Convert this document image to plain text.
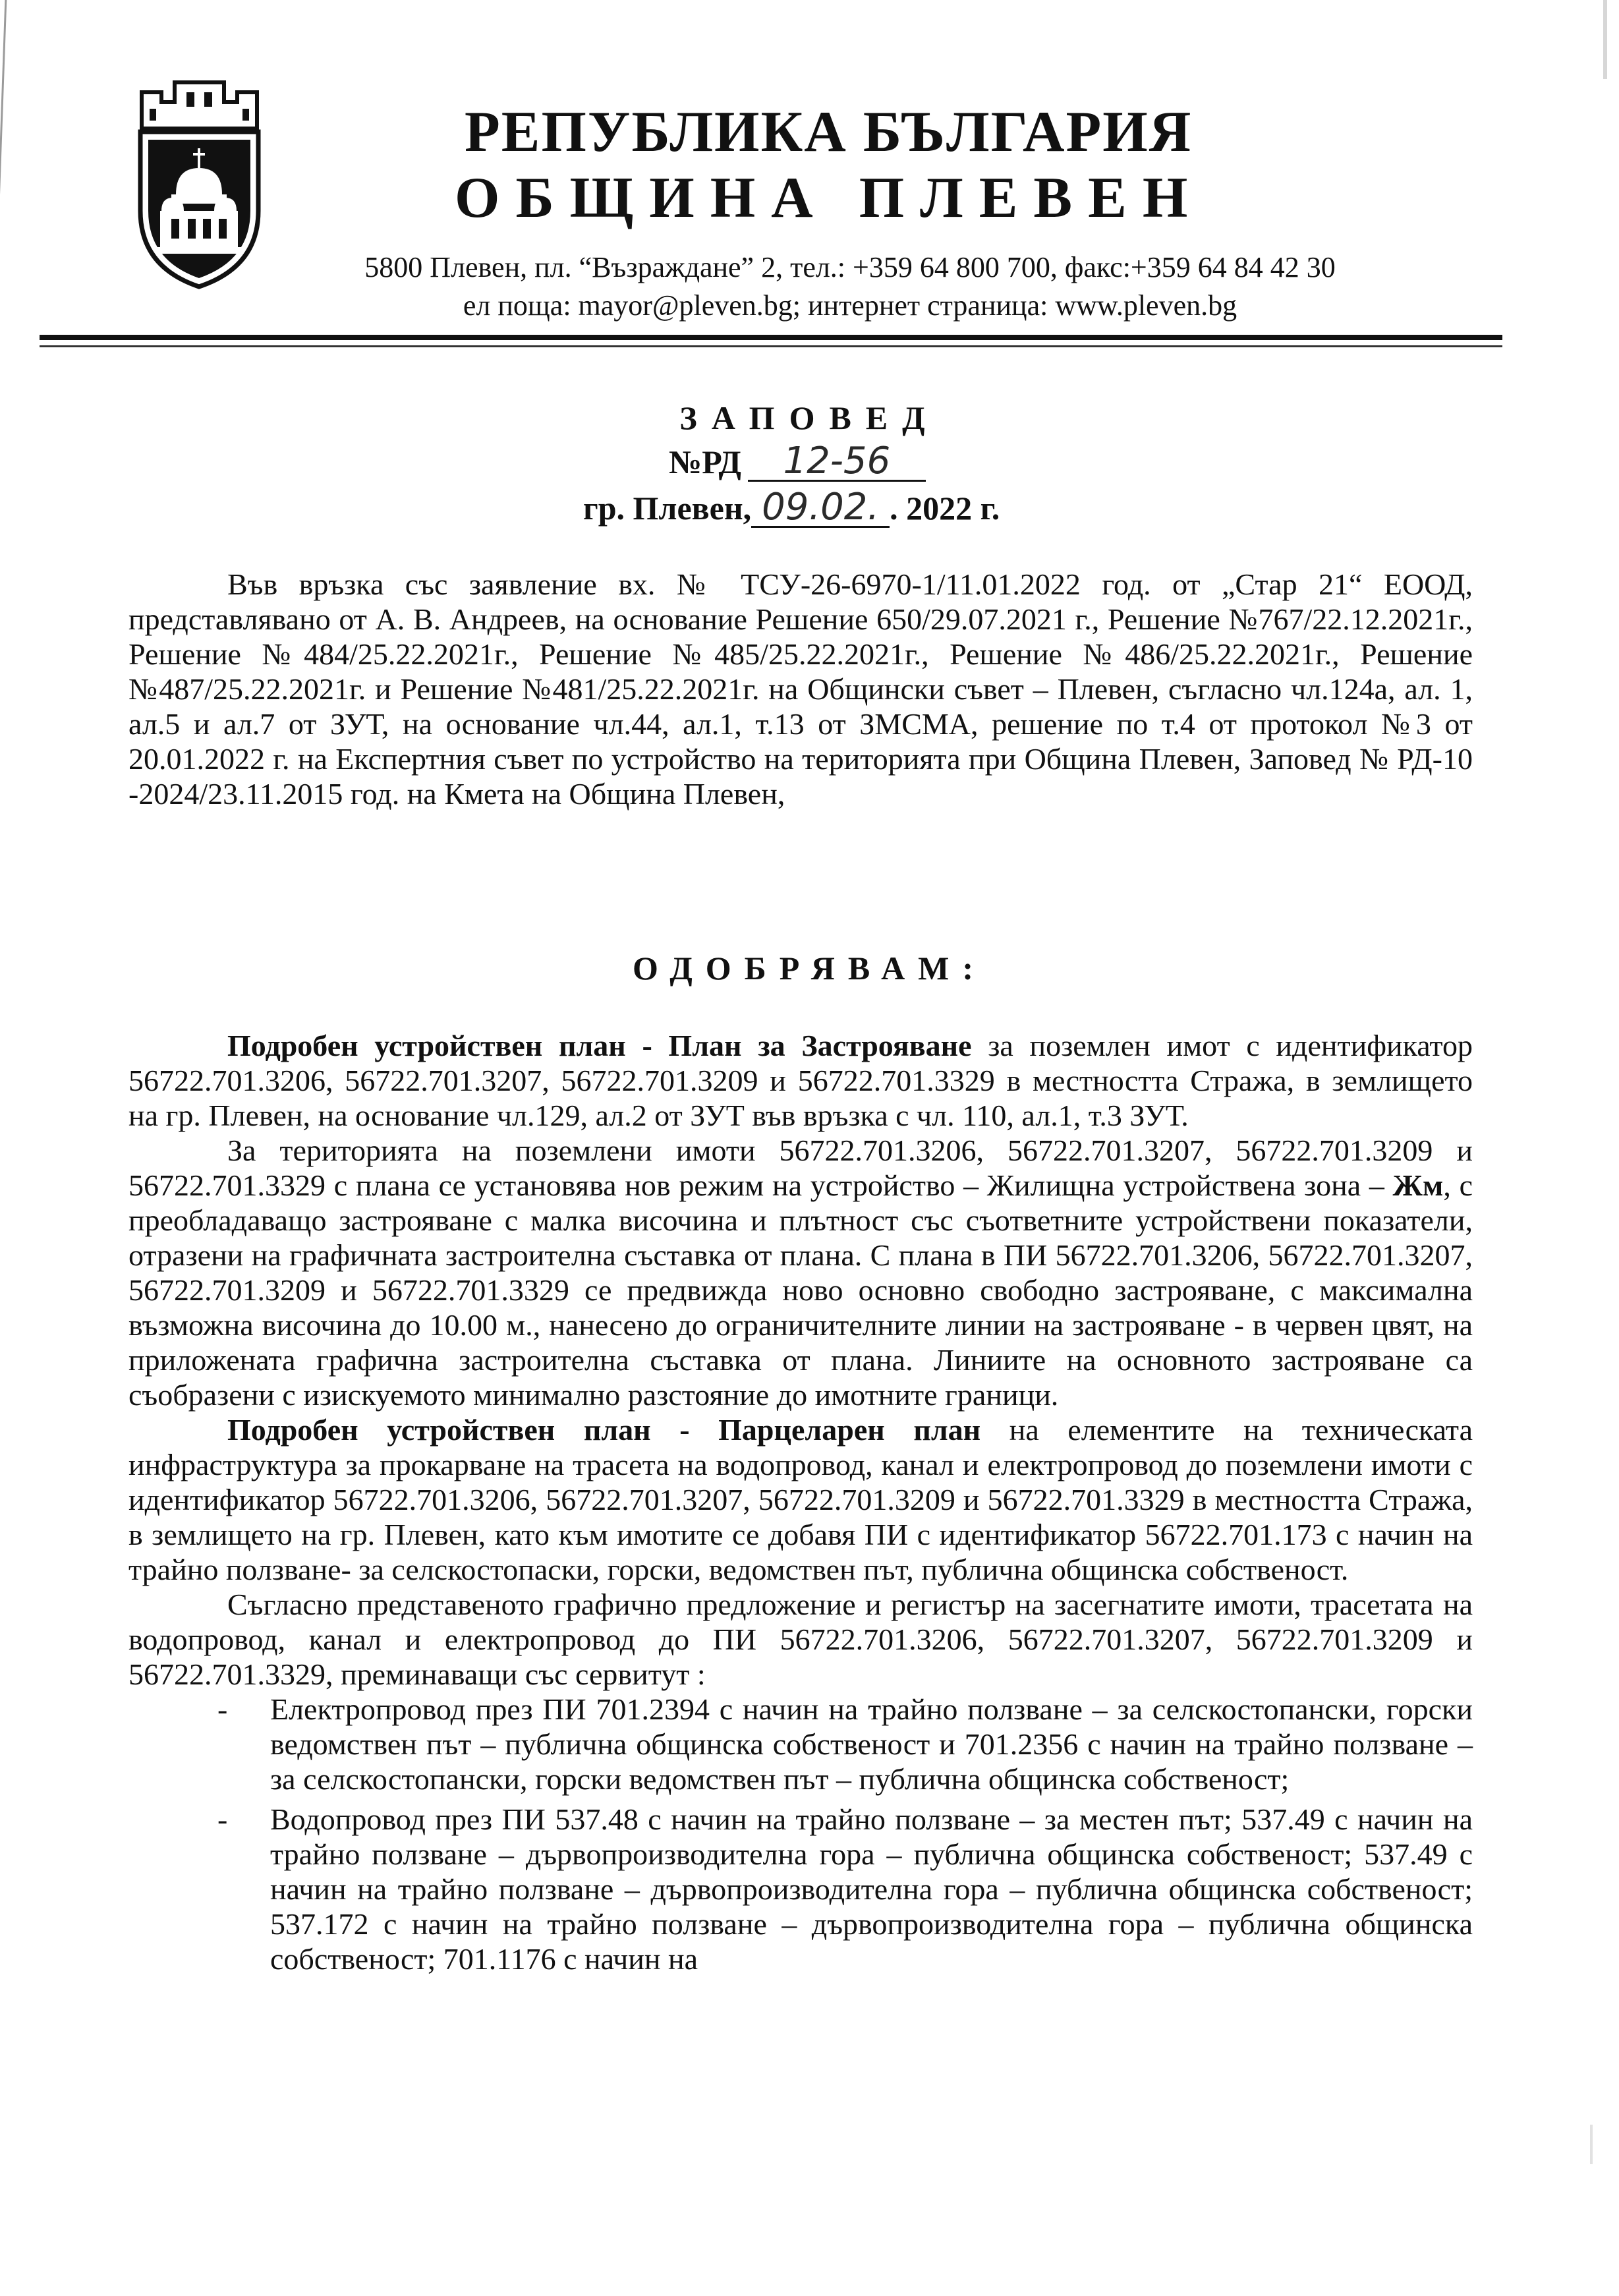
РЕПУБЛИКА БЪЛГАРИЯ
ОБЩИНА ПЛЕВЕН
5800 Плевен, пл. “Възраждане” 2, тел.: +359 64 800 700, факс:+359 64 84 42 30
ел поща: mayor@pleven.bg; интернет страница: www.pleven.bg
ЗАПОВЕД
№РД 12-56
гр. Плевен, 09.02. . 2022 г.

Във връзка със заявление вх. № ТСУ-26-6970-1/11.01.2022 год. от „Стар 21“ ЕООД, представлявано от А. В. Андреев, на основание Решение 650/29.07.2021 г., Решение №767/22.12.2021г., Решение №484/25.22.2021г., Решение №485/25.22.2021г., Решение №486/25.22.2021г., Решение №487/25.22.2021г. и Решение №481/25.22.2021г. на Общински съвет – Плевен, съгласно чл.124а, ал. 1, ал.5 и ал.7 от ЗУТ, на основание чл.44, ал.1, т.13 от ЗМСМА, решение по т.4 от протокол №3 от 20.01.2022 г. на Експертния съвет по устройство на територията при Община Плевен, Заповед № РД-10 -2024/23.11.2015 год. на Кмета на Община Плевен,

ОДОБРЯВАМ:

Подробен устройствен план - План за Застрояване за поземлен имот с идентификатор 56722.701.3206, 56722.701.3207, 56722.701.3209 и 56722.701.3329 в местността Стража, в землището на гр. Плевен, на основание чл.129, ал.2 от ЗУТ във връзка с чл. 110, ал.1, т.3 ЗУТ.

За територията на поземлени имоти 56722.701.3206, 56722.701.3207, 56722.701.3209 и 56722.701.3329 с плана се установява нов режим на устройство – Жилищна устройствена зона – Жм, с преобладаващо застрояване с малка височина и плътност със съответните устройствени показатели, отразени на графичната застроителна съставка от плана. С плана в ПИ 56722.701.3206, 56722.701.3207, 56722.701.3209 и 56722.701.3329 се предвижда ново основно свободно застрояване, с максимална възможна височина до 10.00 м., нанесено до ограничителните линии на застрояване - в червен цвят, на приложената графична застроителна съставка от плана. Линиите на основното застрояване са съобразени с изискуемото минимално разстояние до имотните граници.

Подробен устройствен план - Парцеларен план на елементите на техническата инфраструктура за прокарване на трасета на водопровод, канал и електропровод до поземлени имоти с идентификатор 56722.701.3206, 56722.701.3207, 56722.701.3209 и 56722.701.3329 в местността Стража, в землището на гр. Плевен, като към имотите се добавя ПИ с идентификатор 56722.701.173 с начин на трайно ползване- за селскостопаски, горски, ведомствен път, публична общинска собственост.

Съгласно представеното графично предложение и регистър на засегнатите имоти, трасетата на водопровод, канал и електропровод до ПИ 56722.701.3206, 56722.701.3207, 56722.701.3209 и 56722.701.3329, преминаващи със сервитут :

- Електропровод през ПИ 701.2394 с начин на трайно ползване – за селскостопански, горски ведомствен път – публична общинска собственост и 701.2356 с начин на трайно ползване – за селскостопански, горски ведомствен път – публична общинска собственост;
- Водопровод през ПИ 537.48 с начин на трайно ползване – за местен път; 537.49 с начин на трайно ползване – дървопроизводителна гора – публична общинска собственост; 537.49 с начин на трайно ползване – дървопроизводителна гора – публична общинска собственост; 537.172 с начин на трайно ползване – дървопроизводителна гора – публична общинска собственост; 701.1176 с начин на
